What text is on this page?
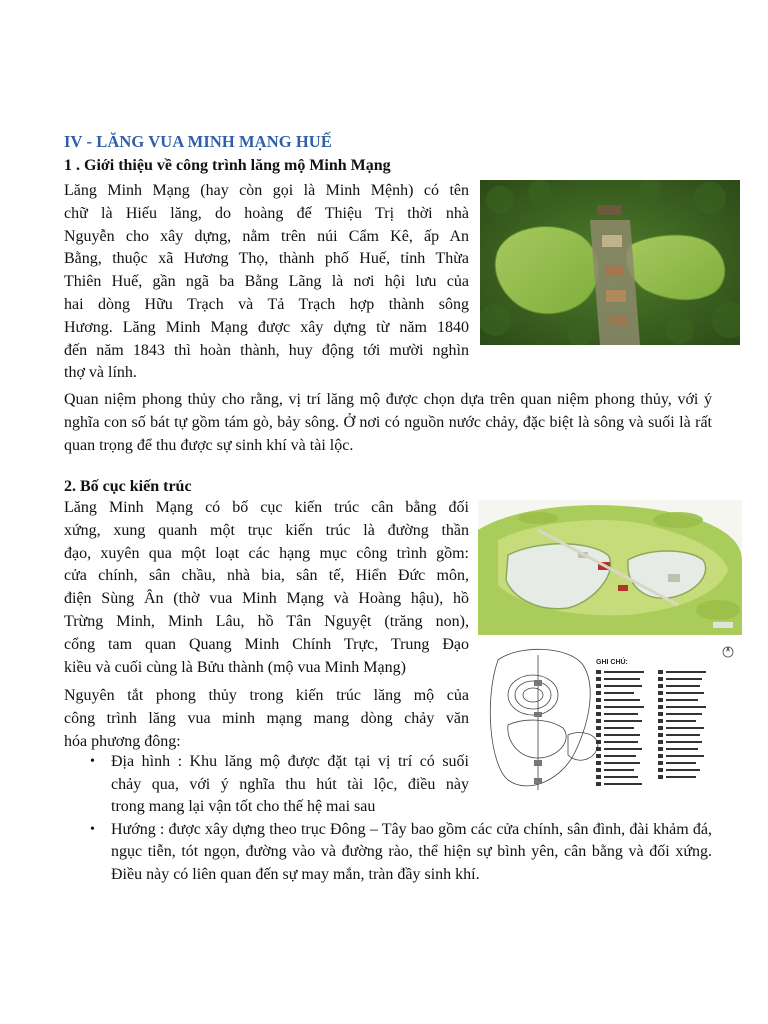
IV - LĂNG VUA MINH MẠNG HUẾ
1 . Giới thiệu về công trình lăng mộ Minh Mạng
Lăng Minh Mạng (hay còn gọi là Minh Mệnh) có tên
chữ là Hiếu lăng, do hoàng đế Thiệu Trị thời nhà
Nguyễn cho xây dựng, nằm trên núi Cẩm Kê, ấp An
Bằng, thuộc xã Hương Thọ, thành phố Huế, tỉnh Thừa
Thiên Huế, gần ngã ba Bằng Lãng là nơi hội lưu của
hai dòng Hữu Trạch và Tả Trạch hợp thành sông
Hương. Lăng Minh Mạng được xây dựng từ năm 1840
đến năm 1843 thì hoàn thành, huy động tới mười nghìn
thợ và lính.
Quan niệm phong thủy cho rằng, vị trí lăng mộ được chọn dựa trên quan niệm phong thủy, với ý nghĩa con số bát tự gồm tám gò, bảy sông. Ở nơi có nguồn nước chảy, đặc biệt là sông và suối là rất quan trọng để thu được sự sinh khí và tài lộc.
2. Bố cục kiến trúc
Lăng Minh Mạng có bố cục kiến trúc cân bằng đối
xứng, xung quanh một trục kiến trúc là đường thần
đạo, xuyên qua một loạt các hạng mục công trình gồm:
cửa chính, sân chầu, nhà bia, sân tế, Hiển Đức môn,
điện Sùng Ân (thờ vua Minh Mạng và Hoàng hậu), hồ
Trừng Minh, Minh Lâu, hồ Tân Nguyệt (trăng non),
cổng tam quan Quang Minh Chính Trực, Trung Đạo
kiều và cuối cùng là Bửu thành (mộ vua Minh Mạng)	GHI CHÚ:
Nguyên tắt phong thủy trong kiến trúc lăng mộ của
công trình lăng vua minh mạng mang dòng chảy văn
hóa phương đông:
• Địa hình : Khu lăng mộ được đặt tại vị trí có suối
chảy qua, với ý nghĩa thu hút tài lộc, điều này
trong mang lại vận tốt cho thế hệ mai sau
• Hướng : được xây dựng theo trục Đông – Tây bao gồm các cửa chính, sân đình, đài khảm đá, ngục tiễn, tót ngọn, đường vào và đường rào, thể hiện sự bình yên, cân bằng và đối xứng. Điều này có liên quan đến sự may mắn, tràn đầy sinh khí.
